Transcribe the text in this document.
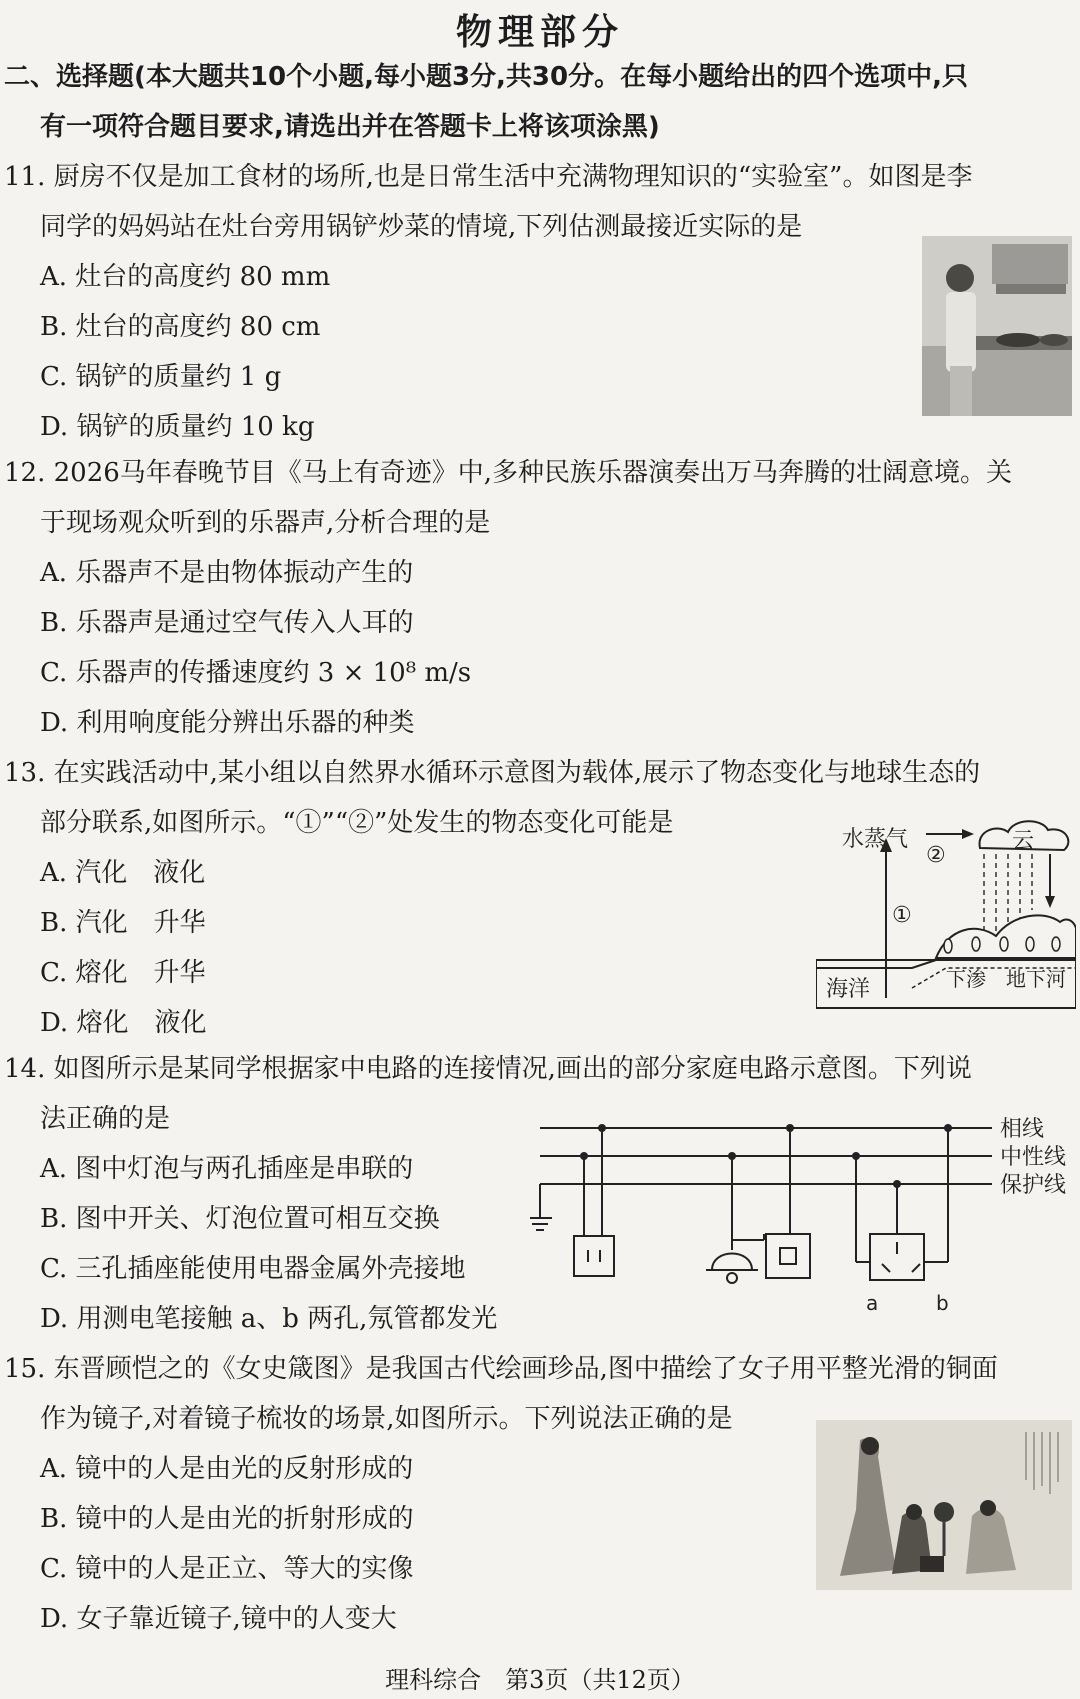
物理部分
二、选择题(本大题共10个小题,每小题3分,共30分。在每小题给出的四个选项中,只
有一项符合题目要求,请选出并在答题卡上将该项涂黑)
11. 厨房不仅是加工食材的场所,也是日常生活中充满物理知识的“实验室”。如图是李
同学的妈妈站在灶台旁用锅铲炒菜的情境,下列估测最接近实际的是
A. 灶台的高度约 80 mm
B. 灶台的高度约 80 cm
C. 锅铲的质量约 1 g
D. 锅铲的质量约 10 kg
12. 2026马年春晚节目《马上有奇迹》中,多种民族乐器演奏出万马奔腾的壮阔意境。关
于现场观众听到的乐器声,分析合理的是
A. 乐器声不是由物体振动产生的
B. 乐器声是通过空气传入人耳的
C. 乐器声的传播速度约 3 × 10⁸ m/s
D. 利用响度能分辨出乐器的种类
13. 在实践活动中,某小组以自然界水循环示意图为载体,展示了物态变化与地球生态的
部分联系,如图所示。“①”“②”处发生的物态变化可能是
A. 汽化　液化
B. 汽化　升华
C. 熔化　升华
D. 熔化　液化
水蒸气
①
②
云
海洋	下渗 地下河
14. 如图所示是某同学根据家中电路的连接情况,画出的部分家庭电路示意图。下列说
法正确的是
A. 图中灯泡与两孔插座是串联的
B. 图中开关、灯泡位置可相互交换
C. 三孔插座能使用电器金属外壳接地
D. 用测电笔接触 a、b 两孔,氖管都发光
相线
中性线
保护线
a	b
15. 东晋顾恺之的《女史箴图》是我国古代绘画珍品,图中描绘了女子用平整光滑的铜面
作为镜子,对着镜子梳妆的场景,如图所示。下列说法正确的是
A. 镜中的人是由光的反射形成的
B. 镜中的人是由光的折射形成的
C. 镜中的人是正立、等大的实像
D. 女子靠近镜子,镜中的人变大
理科综合　第3页（共12页）
